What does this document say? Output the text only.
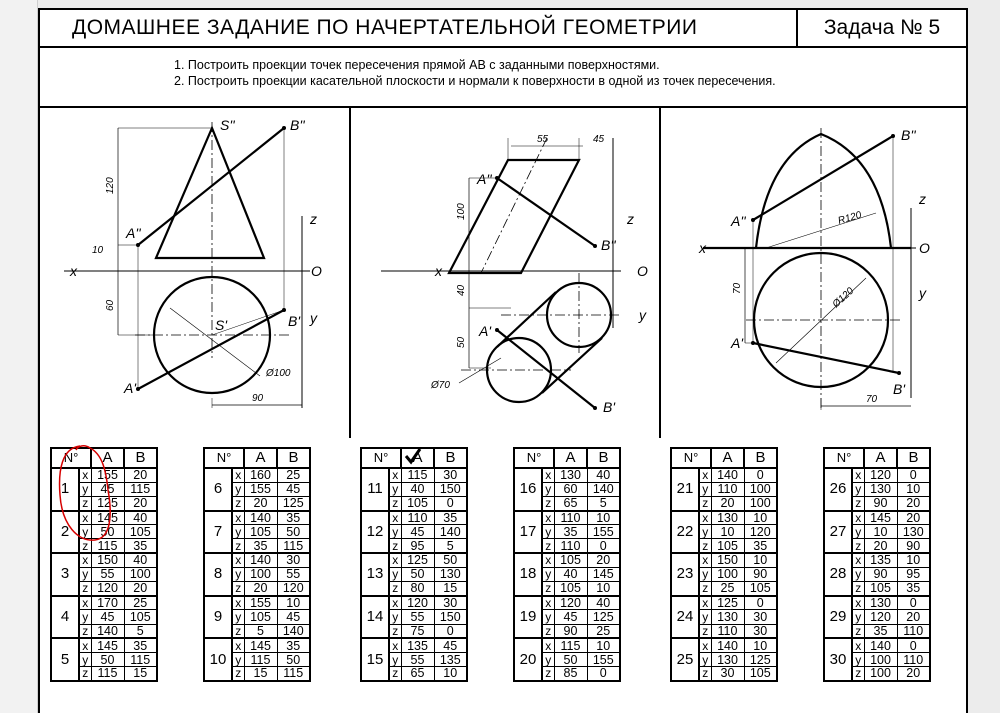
ДОМАШНЕЕ ЗАДАНИЕ ПО НАЧЕРТАТЕЛЬНОЙ ГЕОМЕТРИИ	Задача № 5
1. Построить проекции точек пересечения прямой АВ с заданными поверхностями.
2. Построить проекции касательной плоскости и нормали к поверхности в одной из точек пересечения.
S''	B''
A''
S'	B'
A'
x
z
O
y
120
10
60
Ø100
90
A''
B''
A'
B'
x
z
O
y
55	45
100
40
50
Ø70
B''
A''
A'
B'
x
z
O
y
R120
70	Ø120
70
N°		A	B
1	x	155	20
	y	45	115
	z	125	20
2	x	145	40
	y	50	105
	z	115	35
3	x	150	40
	y	55	100
	z	120	20
4	x	170	25
	y	45	105
	z	140	5
5	x	145	35
	y	50	115
	z	115	15
N°		A	B
6	x	160	25
	y	155	45
	z	20	125
7	x	140	35
	y	105	50
	z	35	115
8	x	140	30
	y	100	55
	z	20	120
9	x	155	10
	y	105	45
	z	5	140
10	x	145	35
	y	115	50
	z	15	115
N°		A	B
11	x	115	30
	y	40	150
	z	105	0
12	x	110	35
	y	45	140
	z	95	5
13	x	125	50
	y	50	130
	z	80	15
14	x	120	30
	y	55	150
	z	75	0
15	x	135	45
	y	55	135
	z	65	10
N°		A	B
16	x	130	40
	y	60	140
	z	65	5
17	x	110	10
	y	35	155
	z	110	0
18	x	105	20
	y	40	145
	z	105	10
19	x	120	40
	y	45	125
	z	90	25
20	x	115	10
	y	50	155
	z	85	0
N°		A	B
21	x	140	0
	y	110	100
	z	20	100
22	x	130	10
	y	10	120
	z	105	35
23	x	150	10
	y	100	90
	z	25	105
24	x	125	0
	y	130	30
	z	110	30
25	x	140	10
	y	130	125
	z	30	105
N°		A	B
26	x	120	0
	y	130	10
	z	90	20
27	x	145	20
	y	10	130
	z	20	90
28	x	135	10
	y	90	95
	z	105	35
29	x	130	0
	y	120	20
	z	35	110
30	x	140	0
	y	100	110
	z	100	20
